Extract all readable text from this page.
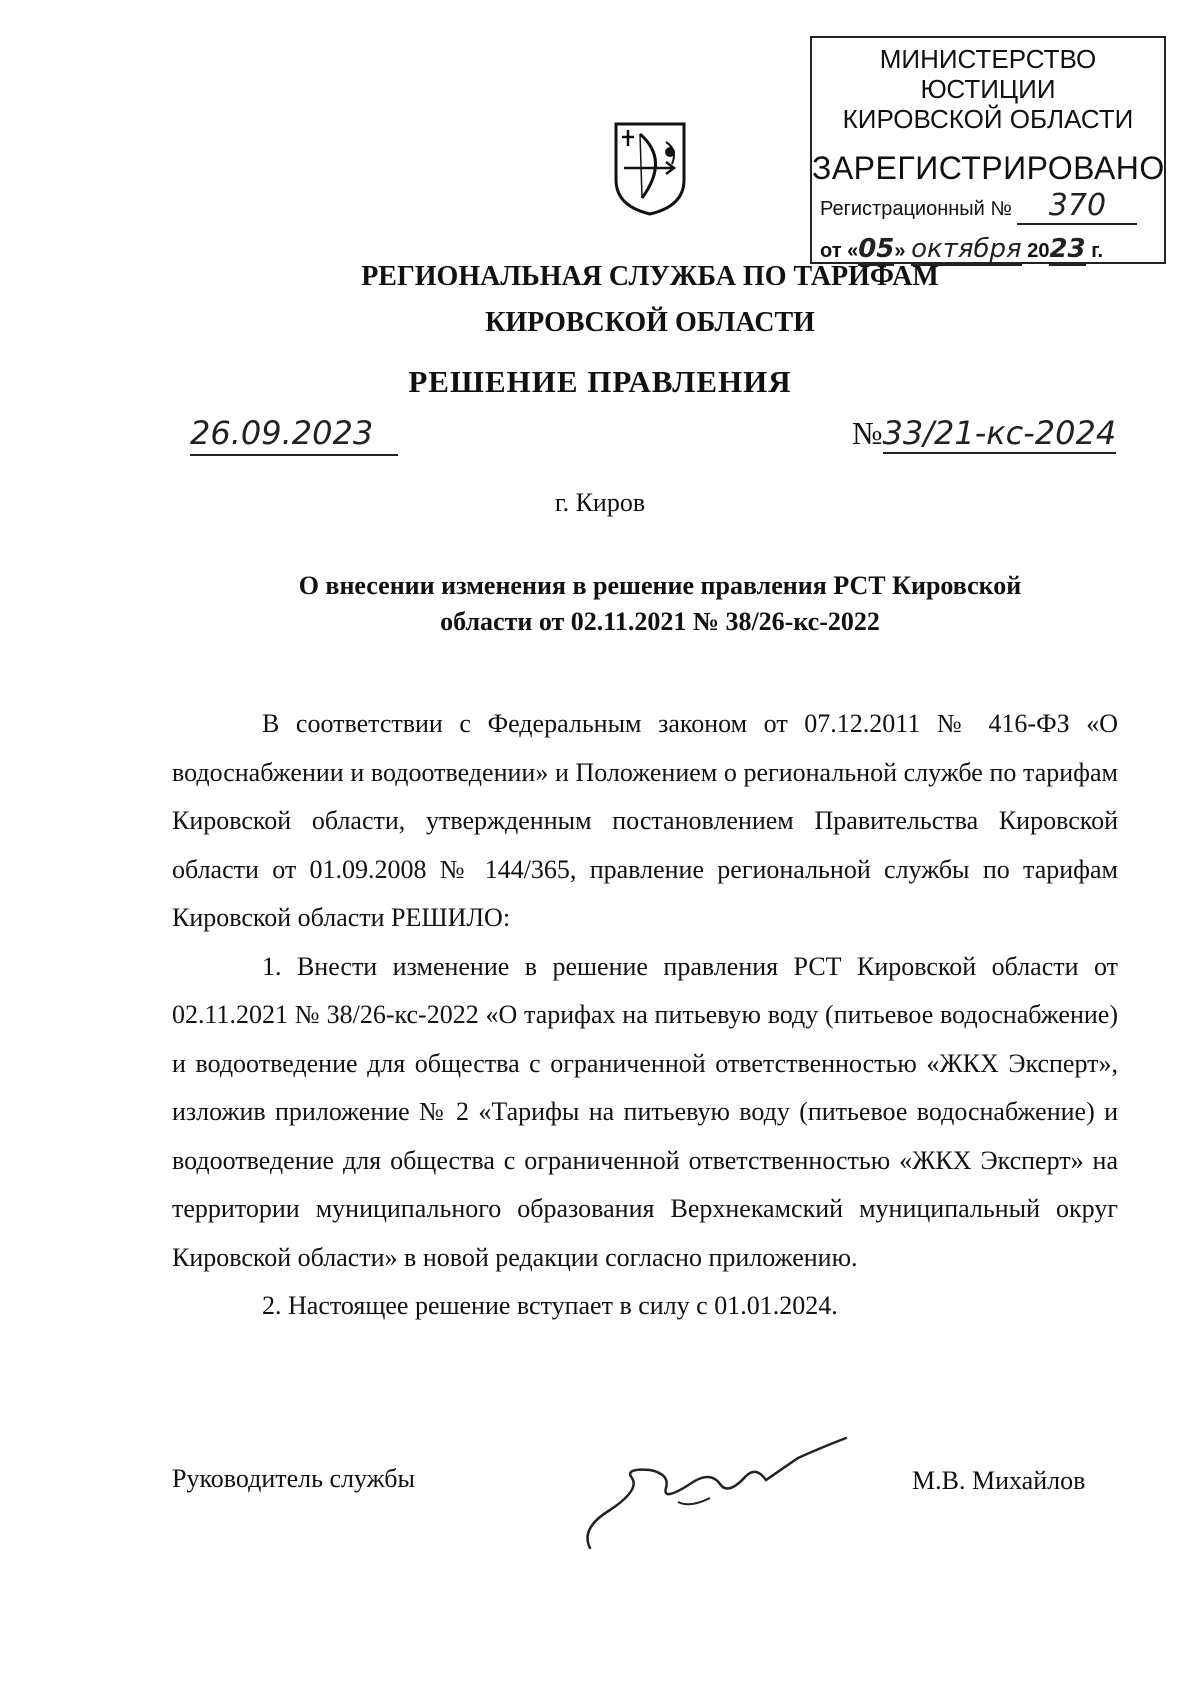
МИНИСТЕРСТВО ЮСТИЦИИ
КИРОВСКОЙ ОБЛАСТИ
ЗАРЕГИСТРИРОВАНО
Регистрационный № 370
от «05» октября 2023 г.
РЕГИОНАЛЬНАЯ СЛУЖБА ПО ТАРИФАМ
КИРОВСКОЙ ОБЛАСТИ
РЕШЕНИЕ ПРАВЛЕНИЯ
26.09.2023	№33/21-кс-2024
г. Киров
О внесении изменения в решение правления РСТ Кировской
области от 02.11.2021 № 38/26-кс-2022

В соответствии с Федеральным законом от 07.12.2011 № 416-ФЗ «О водоснабжении и водоотведении» и Положением о региональной службе по тарифам Кировской области, утвержденным постановлением Правительства Кировской области от 01.09.2008 № 144/365, правление региональной службы по тарифам Кировской области РЕШИЛО:

1. Внести изменение в решение правления РСТ Кировской области от 02.11.2021 № 38/26-кс-2022 «О тарифах на питьевую воду (питьевое водоснабжение) и водоотведение для общества с ограниченной ответственностью «ЖКХ Эксперт», изложив приложение № 2 «Тарифы на питьевую воду (питьевое водоснабжение) и водоотведение для общества с ограниченной ответственностью «ЖКХ Эксперт» на территории муниципального образования Верхнекамский муниципальный округ Кировской области» в новой редакции согласно приложению.

2. Настоящее решение вступает в силу с 01.01.2024.

Руководитель службы	М.В. Михайлов
